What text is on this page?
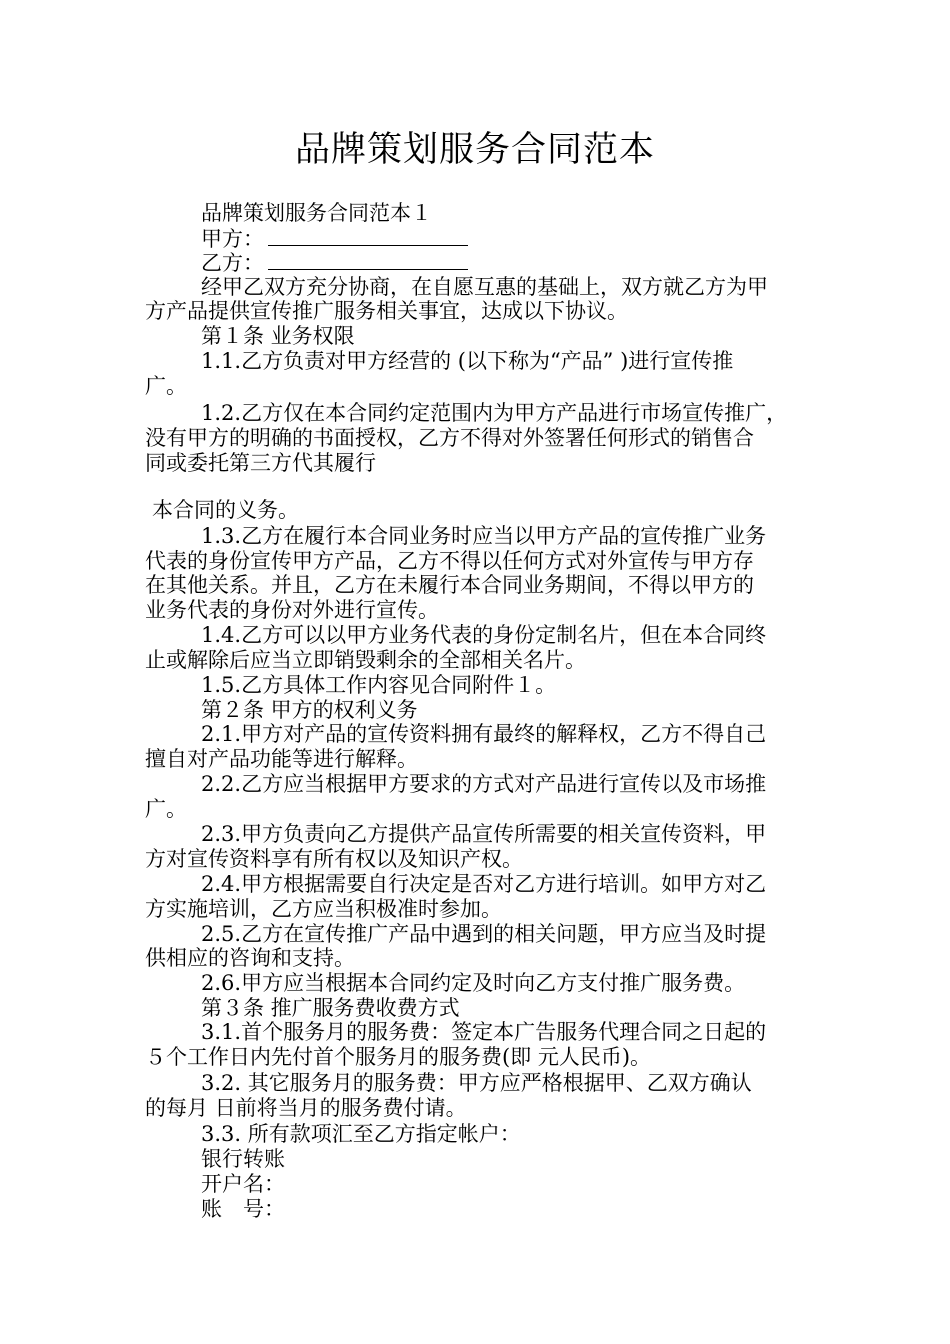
品牌策划服务合同范本
品牌策划服务合同范本１
甲方：
乙方：
经甲乙双方充分协商，在自愿互惠的基础上，双方就乙方为甲
方产品提供宣传推广服务相关事宜，达成以下协议。
第１条 业务权限
1.1.乙方负责对甲方经营的 (以下称为“产品” )进行宣传推
广。
1.2.乙方仅在本合同约定范围内为甲方产品进行市场宣传推广，
没有甲方的明确的书面授权，乙方不得对外签署任何形式的销售合
同或委托第三方代其履行
本合同的义务。
1.3.乙方在履行本合同业务时应当以甲方产品的宣传推广业务
代表的身份宣传甲方产品，乙方不得以任何方式对外宣传与甲方存
在其他关系。并且，乙方在未履行本合同业务期间，不得以甲方的
业务代表的身份对外进行宣传。
1.4.乙方可以以甲方业务代表的身份定制名片，但在本合同终
止或解除后应当立即销毁剩余的全部相关名片。
1.5.乙方具体工作内容见合同附件１。
第２条 甲方的权利义务
2.1.甲方对产品的宣传资料拥有最终的解释权，乙方不得自己
擅自对产品功能等进行解释。
2.2.乙方应当根据甲方要求的方式对产品进行宣传以及市场推
广。
2.3.甲方负责向乙方提供产品宣传所需要的相关宣传资料，甲
方对宣传资料享有所有权以及知识产权。
2.4.甲方根据需要自行决定是否对乙方进行培训。如甲方对乙
方实施培训，乙方应当积极准时参加。
2.5.乙方在宣传推广产品中遇到的相关问题，甲方应当及时提
供相应的咨询和支持。
2.6.甲方应当根据本合同约定及时向乙方支付推广服务费。
第３条 推广服务费收费方式
3.1.首个服务月的服务费：签定本广告服务代理合同之日起的
５个工作日内先付首个服务月的服务费(即 元人民币)。
3.2. 其它服务月的服务费：甲方应严格根据甲、乙双方确认
的每月 日前将当月的服务费付请。
3.3. 所有款项汇至乙方指定帐户：
银行转账
开户名：
账　号：
